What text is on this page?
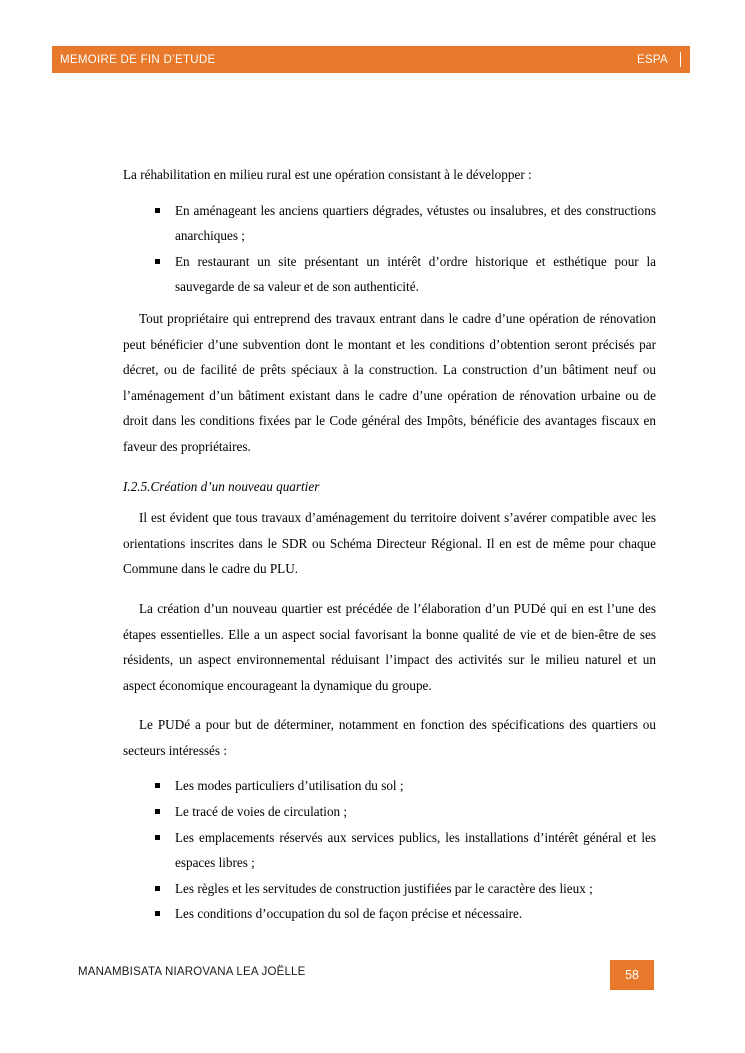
MEMOIRE DE FIN D’ETUDE	ESPA

La réhabilitation en milieu rural est une opération consistant à le développer :

En aménageant les anciens quartiers dégrades, vétustes ou insalubres, et des constructions anarchiques ;
En restaurant un site présentant un intérêt d’ordre historique et esthétique pour la sauvegarde de sa valeur et de son authenticité.

Tout propriétaire qui entreprend des travaux entrant dans le cadre d’une opération de rénovation peut bénéficier d’une subvention dont le montant et les conditions d’obtention seront précisés par décret, ou de facilité de prêts spéciaux à la construction. La construction d’un bâtiment neuf ou l’aménagement d’un bâtiment existant dans le cadre d’une opération de rénovation urbaine ou de droit dans les conditions fixées par le Code général des Impôts, bénéficie des avantages fiscaux en faveur des propriétaires.

I.2.5.Création d’un nouveau quartier

Il est évident que tous travaux d’aménagement du territoire doivent s’avérer compatible avec les orientations inscrites dans le SDR ou Schéma Directeur Régional. Il en est de même pour chaque Commune dans le cadre du PLU.

La création d’un nouveau quartier est précédée de l’élaboration d’un PUDé qui en est l’une des étapes essentielles. Elle a un aspect social favorisant la bonne qualité de vie et de bien-être de ses résidents, un aspect environnemental réduisant l’impact des activités sur le milieu naturel et un aspect économique encourageant la dynamique du groupe.

Le PUDé a pour but de déterminer, notamment en fonction des spécifications des quartiers ou secteurs intéressés :

Les modes particuliers d’utilisation du sol ;
Le tracé de voies de circulation ;
Les emplacements réservés aux services publics, les installations d’intérêt général et les espaces libres ;
Les règles et les servitudes de construction justifiées par le caractère des lieux ;
Les conditions d’occupation du sol de façon précise et nécessaire.
MANAMBISATA NIAROVANA LEA JOËLLE	58
